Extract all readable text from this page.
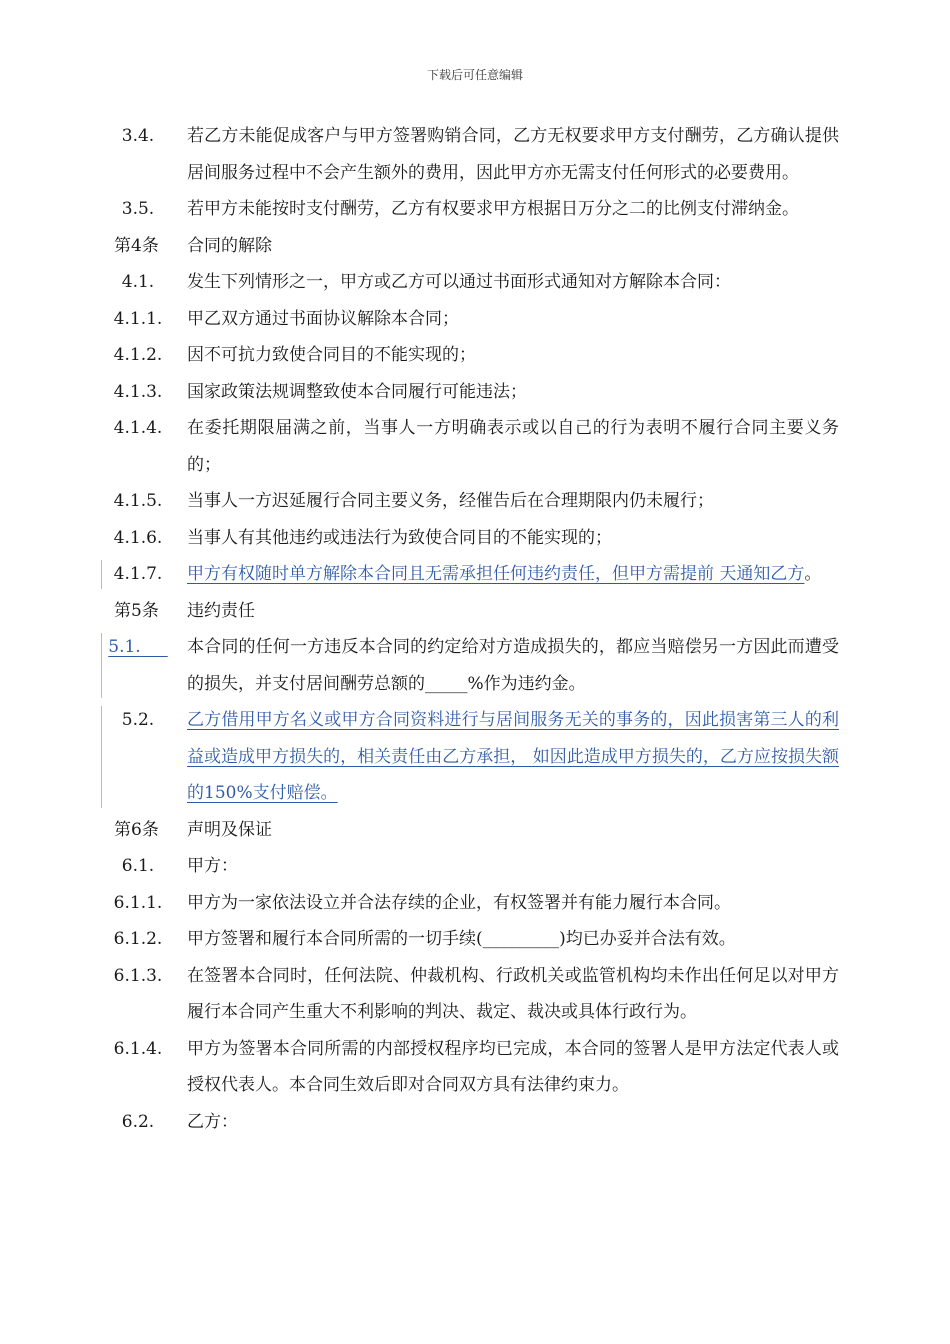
下载后可任意编辑
3.4.	若乙方未能促成客户与甲方签署购销合同，乙方无权要求甲方支付酬劳，乙方确认提供居间服务过程中不会产生额外的费用，因此甲方亦无需支付任何形式的必要费用。
3.5.	若甲方未能按时支付酬劳，乙方有权要求甲方根据日万分之二的比例支付滞纳金。
第4条	合同的解除
4.1.	发生下列情形之一，甲方或乙方可以通过书面形式通知对方解除本合同：
4.1.1.	甲乙双方通过书面协议解除本合同；
4.1.2.	因不可抗力致使合同目的不能实现的；
4.1.3.	国家政策法规调整致使本合同履行可能违法；
4.1.4.	在委托期限届满之前，当事人一方明确表示或以自己的行为表明不履行合同主要义务的；
4.1.5.	当事人一方迟延履行合同主要义务，经催告后在合理期限内仍未履行；
4.1.6.	当事人有其他违约或违法行为致使合同目的不能实现的；
4.1.7.	甲方有权随时单方解除本合同且无需承担任何违约责任，但甲方需提前 天通知乙方。
第5条	违约责任
5.1.	本合同的任何一方违反本合同的约定给对方造成损失的，都应当赔偿另一方因此而遭受的损失，并支付居间酬劳总额的_____%作为违约金。
5.2.	乙方借用甲方名义或甲方合同资料进行与居间服务无关的事务的，因此损害第三人的利益或造成甲方损失的，相关责任由乙方承担， 如因此造成甲方损失的，乙方应按损失额的150%支付赔偿。
第6条	声明及保证
6.1.	甲方：
6.1.1.	甲方为一家依法设立并合法存续的企业，有权签署并有能力履行本合同。
6.1.2.	甲方签署和履行本合同所需的一切手续(_________)均已办妥并合法有效。
6.1.3.	在签署本合同时，任何法院、仲裁机构、行政机关或监管机构均未作出任何足以对甲方履行本合同产生重大不利影响的判决、裁定、裁决或具体行政行为。
6.1.4.	甲方为签署本合同所需的内部授权程序均已完成，本合同的签署人是甲方法定代表人或授权代表人。本合同生效后即对合同双方具有法律约束力。
6.2.	乙方：
